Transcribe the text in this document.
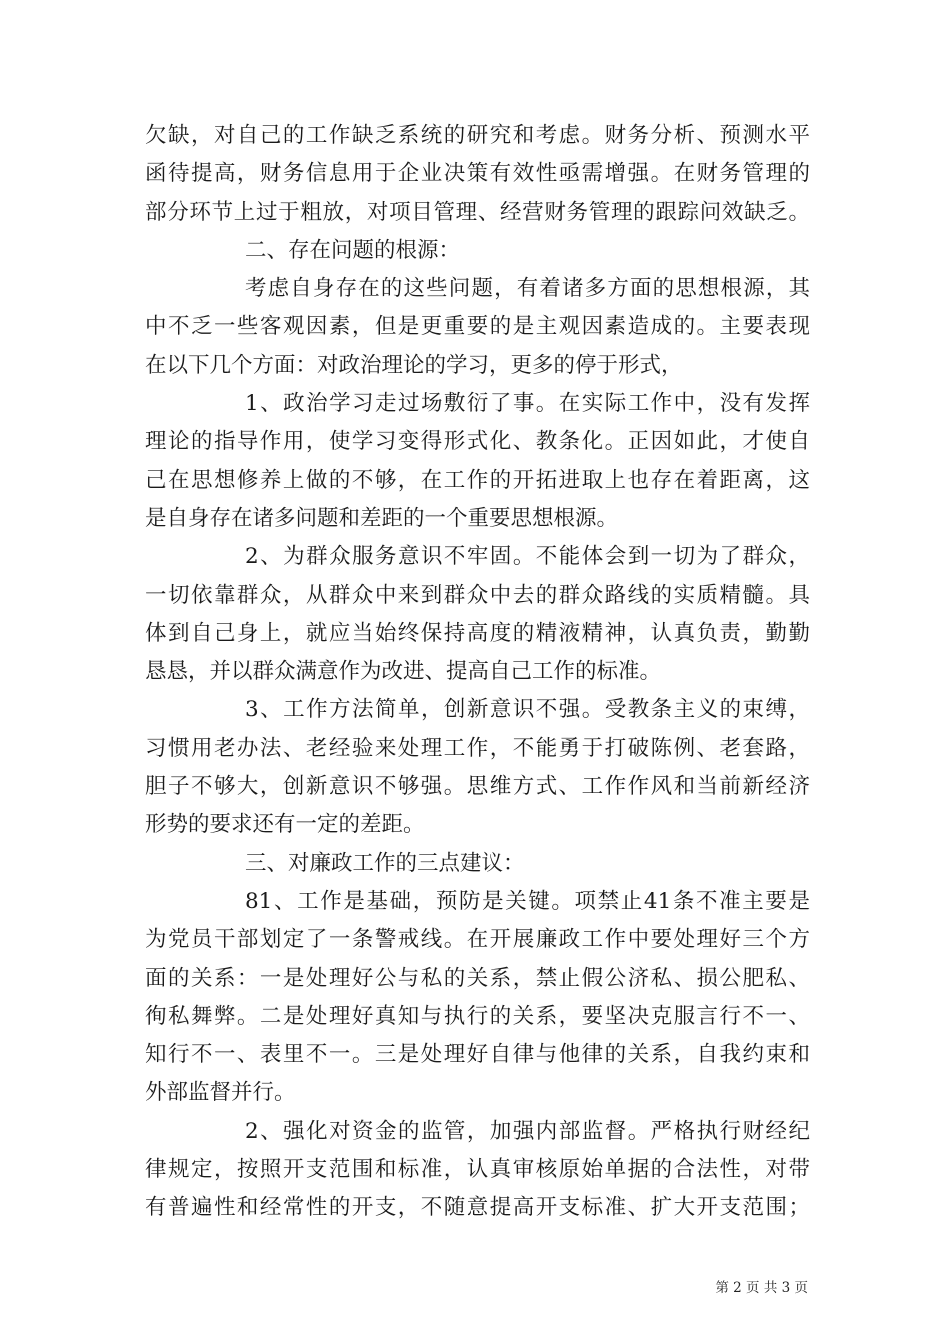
欠缺，对自己的工作缺乏系统的研究和考虑。财务分析、预测水平
函待提高，财务信息用于企业决策有效性亟需增强。在财务管理的
部分环节上过于粗放，对项目管理、经营财务管理的跟踪问效缺乏。
二、存在问题的根源：
考虑自身存在的这些问题，有着诸多方面的思想根源，其
中不乏一些客观因素，但是更重要的是主观因素造成的。主要表现
在以下几个方面：对政治理论的学习，更多的停于形式，
1、政治学习走过场敷衍了事。在实际工作中，没有发挥
理论的指导作用，使学习变得形式化、教条化。正因如此，才使自
己在思想修养上做的不够，在工作的开拓进取上也存在着距离，这
是自身存在诸多问题和差距的一个重要思想根源。
2、为群众服务意识不牢固。不能体会到一切为了群众，
一切依靠群众，从群众中来到群众中去的群众路线的实质精髓。具
体到自己身上，就应当始终保持高度的精液精神，认真负责，勤勤
恳恳，并以群众满意作为改进、提高自己工作的标准。
3、工作方法简单，创新意识不强。受教条主义的束缚，
习惯用老办法、老经验来处理工作，不能勇于打破陈例、老套路，
胆子不够大，创新意识不够强。思维方式、工作作风和当前新经济
形势的要求还有一定的差距。
三、对廉政工作的三点建议：
81、工作是基础，预防是关键。项禁止41条不准主要是
为党员干部划定了一条警戒线。在开展廉政工作中要处理好三个方
面的关系：一是处理好公与私的关系，禁止假公济私、损公肥私、
徇私舞弊。二是处理好真知与执行的关系，要坚决克服言行不一、
知行不一、表里不一。三是处理好自律与他律的关系，自我约束和
外部监督并行。
2、强化对资金的监管，加强内部监督。严格执行财经纪
律规定，按照开支范围和标准，认真审核原始单据的合法性，对带
有普遍性和经常性的开支，不随意提高开支标准、扩大开支范围；
第 2 页 共 3 页
